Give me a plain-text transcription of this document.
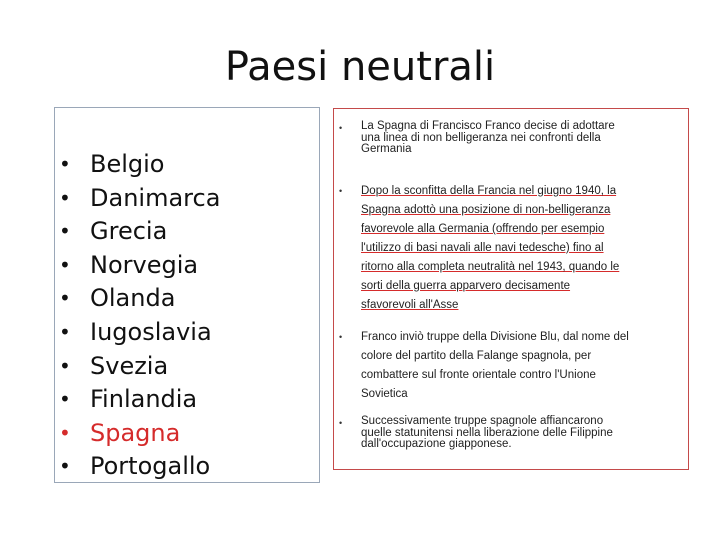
Paesi neutrali
• Belgio
• Danimarca
• Grecia
• Norvegia
• Olanda
• Iugoslavia
• Svezia
• Finlandia
• Spagna
• Portogallo
• La Spagna di Francisco Franco decise di adottare
una linea di non belligeranza nei confronti della
Germania
• Dopo la sconfitta della Francia nel giugno 1940, la
Spagna adottò una posizione di non-belligeranza
favorevole alla Germania (offrendo per esempio
l'utilizzo di basi navali alle navi tedesche) fino al
ritorno alla completa neutralità nel 1943, quando le
sorti della guerra apparvero decisamente
sfavorevoli all'Asse
• Franco inviò truppe della Divisione Blu, dal nome del
colore del partito della Falange spagnola, per
combattere sul fronte orientale contro l'Unione
Sovietica
• Successivamente truppe spagnole affiancarono
quelle statunitensi nella liberazione delle Filippine
dall'occupazione giapponese.
